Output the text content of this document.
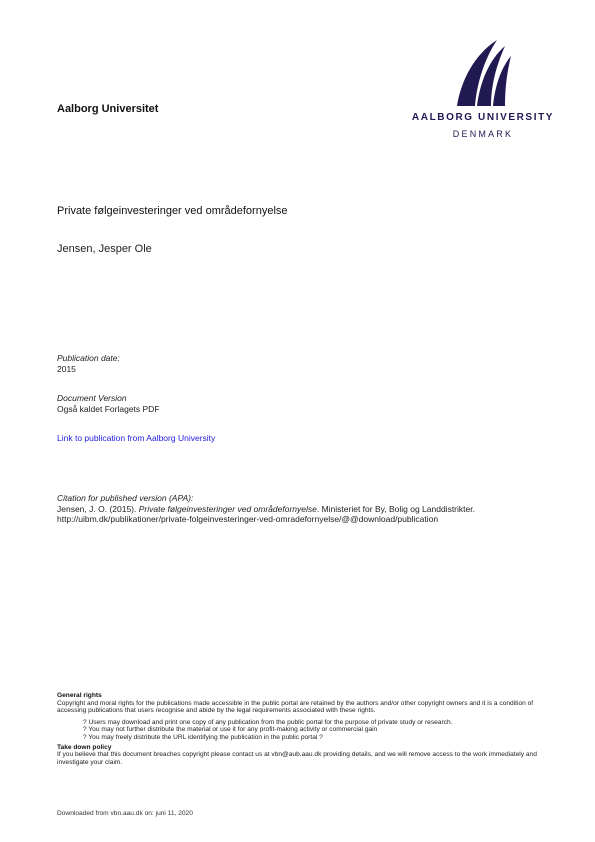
Aalborg Universitet
AALBORG UNIVERSITY
DENMARK
Private følgeinvesteringer ved områdefornyelse
Jensen, Jesper Ole
Publication date:
2015
Document Version
Også kaldet Forlagets PDF
Link to publication from Aalborg University
Citation for published version (APA):
Jensen, J. O. (2015). Private følgeinvesteringer ved områdefornyelse. Ministeriet for By, Bolig og Landdistrikter.
http://uibm.dk/publikationer/private-folgeinvesteringer-ved-omradefornyelse/@@download/publication
General rights
Copyright and moral rights for the publications made accessible in the public portal are retained by the authors and/or other copyright owners and it is a condition of accessing publications that users recognise and abide by the legal requirements associated with these rights.
? Users may download and print one copy of any publication from the public portal for the purpose of private study or research.
? You may not further distribute the material or use it for any profit-making activity or commercial gain
? You may freely distribute the URL identifying the publication in the public portal ?
Take down policy
If you believe that this document breaches copyright please contact us at vbn@aub.aau.dk providing details, and we will remove access to the work immediately and investigate your claim.
Downloaded from vbn.aau.dk on: juni 11, 2020
